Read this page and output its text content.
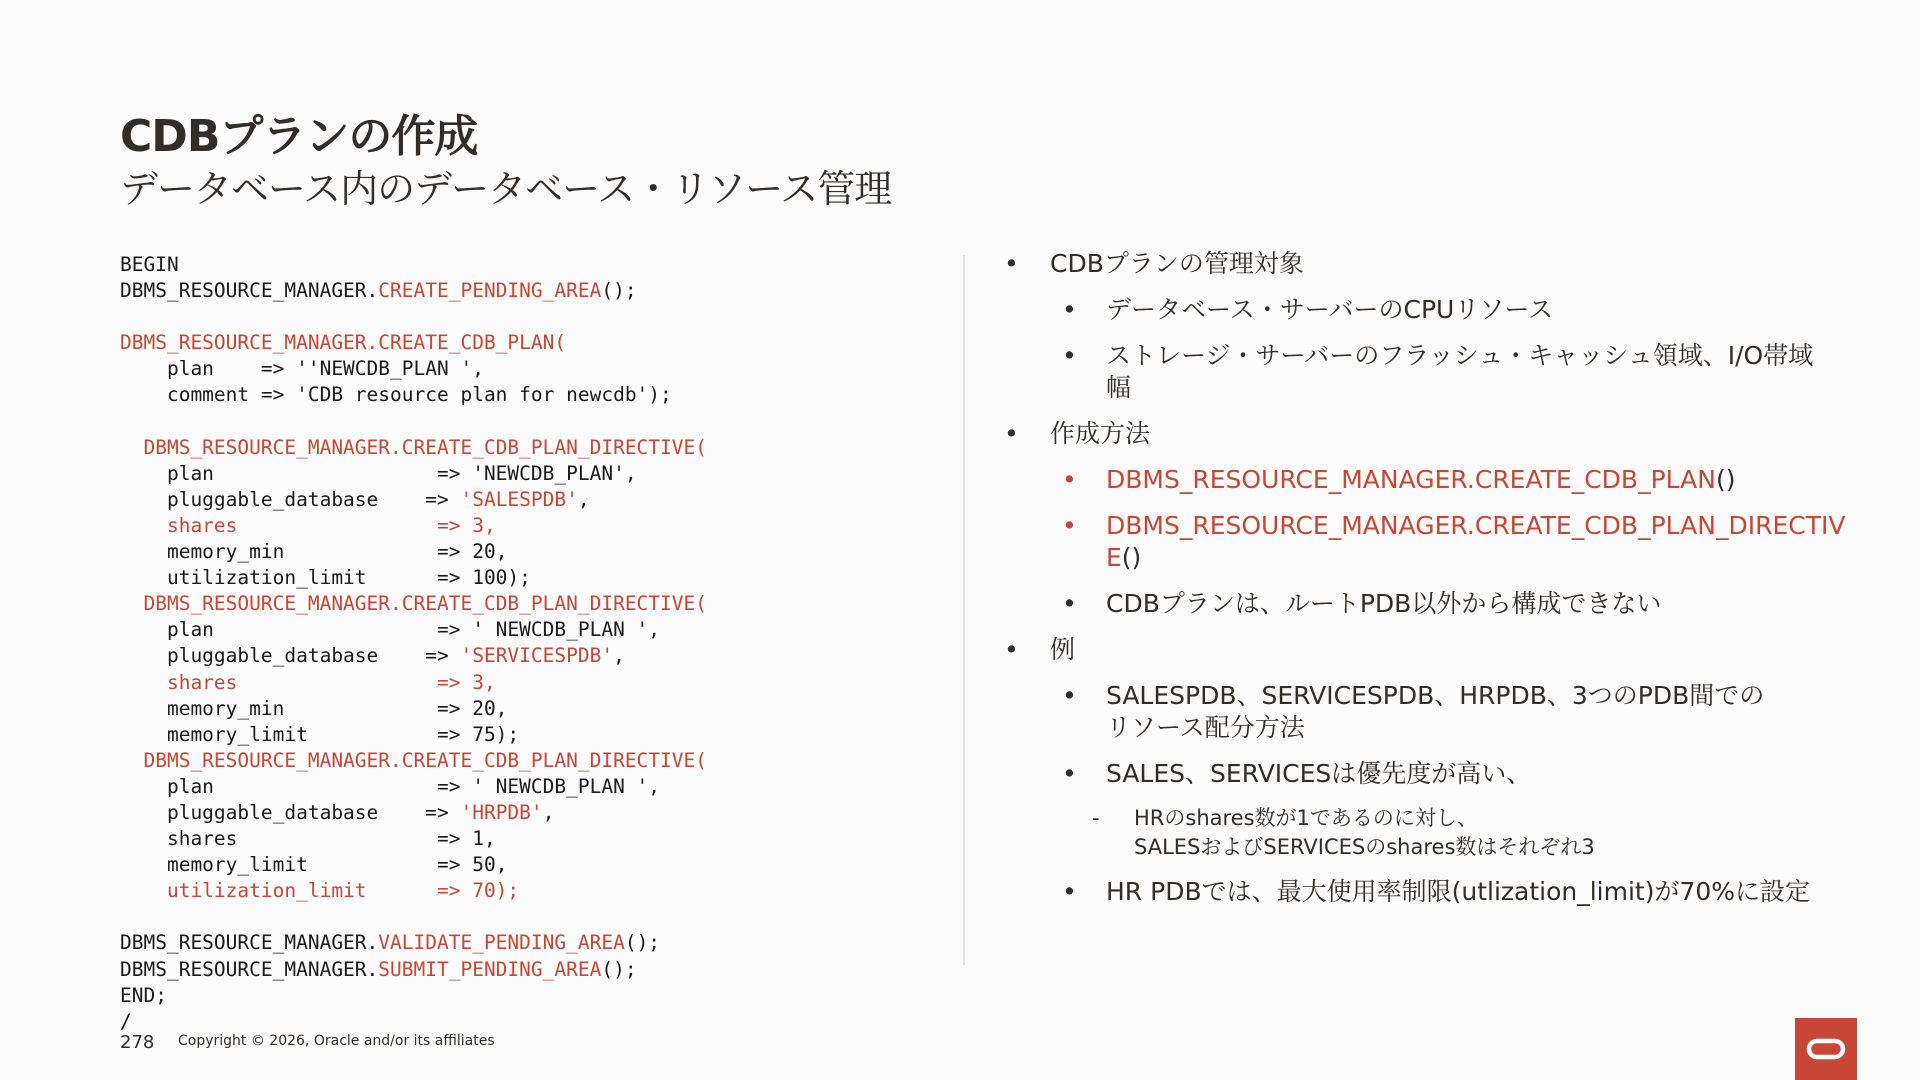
CDBプランの作成
データベース内のデータベース・リソース管理
BEGIN
DBMS_RESOURCE_MANAGER.CREATE_PENDING_AREA();
DBMS_RESOURCE_MANAGER.CREATE_CDB_PLAN(
plan    => ''NEWCDB_PLAN ',
comment => 'CDB resource plan for newcdb');
DBMS_RESOURCE_MANAGER.CREATE_CDB_PLAN_DIRECTIVE(
plan                   => 'NEWCDB_PLAN',
pluggable_database    => 'SALESPDB',
shares                 => 3,
memory_min             => 20,
utilization_limit      => 100);
DBMS_RESOURCE_MANAGER.CREATE_CDB_PLAN_DIRECTIVE(
plan                   => ' NEWCDB_PLAN ',
pluggable_database    => 'SERVICESPDB',
shares                 => 3,
memory_min             => 20,
memory_limit           => 75);
DBMS_RESOURCE_MANAGER.CREATE_CDB_PLAN_DIRECTIVE(
plan                   => ' NEWCDB_PLAN ',
pluggable_database    => 'HRPDB',
shares                 => 1,
memory_limit           => 50,
utilization_limit      => 70);
DBMS_RESOURCE_MANAGER.VALIDATE_PENDING_AREA();
DBMS_RESOURCE_MANAGER.SUBMIT_PENDING_AREA();
END;
/
• CDBプランの管理対象
• データベース・サーバーのCPUリソース
• ストレージ・サーバーのフラッシュ・キャッシュ領域、I/O帯域幅
• 作成方法
• DBMS_RESOURCE_MANAGER.CREATE_CDB_PLAN()
• DBMS_RESOURCE_MANAGER.CREATE_CDB_PLAN_DIRECTIV
E()
• CDBプランは、ルートPDB以外から構成できない
• 例
• SALESPDB、SERVICESPDB、HRPDB、3つのPDB間での
リソース配分方法
• SALES、SERVICESは優先度が高い、
- HRのshares数が1であるのに対し、
SALESおよびSERVICESのshares数はそれぞれ3
• HR PDBでは、最大使用率制限(utlization_limit)が70%に設定
278 Copyright © 2026, Oracle and/or its affiliates
